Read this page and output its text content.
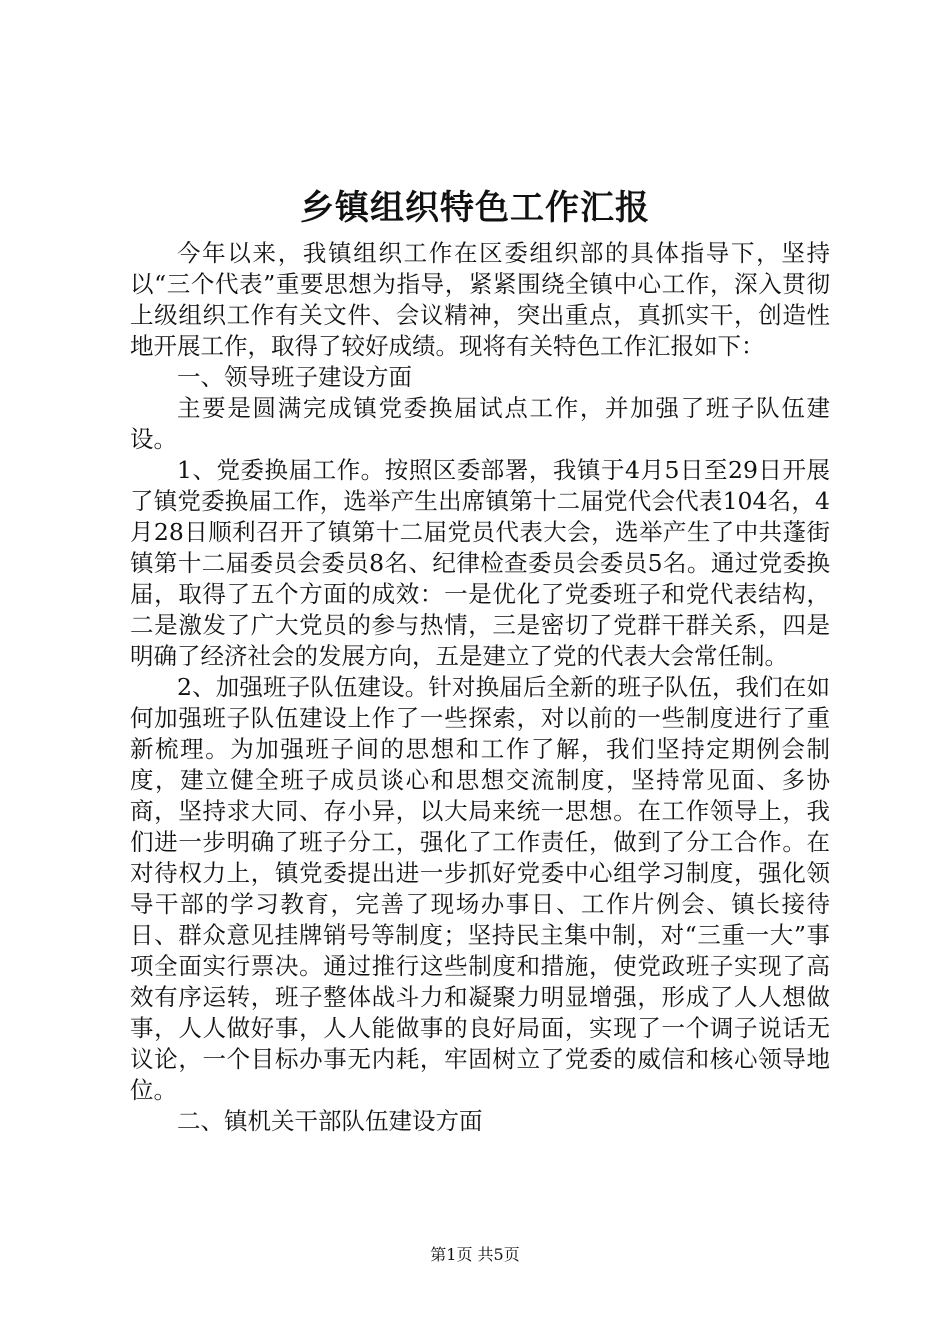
乡镇组织特色工作汇报

今年以来，我镇组织工作在区委组织部的具体指导下，坚持以“三个代表”重要思想为指导，紧紧围绕全镇中心工作，深入贯彻上级组织工作有关文件、会议精神，突出重点，真抓实干，创造性地开展工作，取得了较好成绩。现将有关特色工作汇报如下：

一、领导班子建设方面

主要是圆满完成镇党委换届试点工作，并加强了班子队伍建设。

1、党委换届工作。按照区委部署，我镇于4月5日至29日开展了镇党委换届工作，选举产生出席镇第十二届党代会代表104名，4月28日顺利召开了镇第十二届党员代表大会，选举产生了中共蓬街镇第十二届委员会委员8名、纪律检查委员会委员5名。通过党委换届，取得了五个方面的成效：一是优化了党委班子和党代表结构，二是激发了广大党员的参与热情，三是密切了党群干群关系，四是明确了经济社会的发展方向，五是建立了党的代表大会常任制。

2、加强班子队伍建设。针对换届后全新的班子队伍，我们在如何加强班子队伍建设上作了一些探索，对以前的一些制度进行了重新梳理。为加强班子间的思想和工作了解，我们坚持定期例会制度，建立健全班子成员谈心和思想交流制度，坚持常见面、多协商，坚持求大同、存小异，以大局来统一思想。在工作领导上，我们进一步明确了班子分工，强化了工作责任，做到了分工合作。在对待权力上，镇党委提出进一步抓好党委中心组学习制度，强化领导干部的学习教育，完善了现场办事日、工作片例会、镇长接待日、群众意见挂牌销号等制度；坚持民主集中制，对“三重一大”事项全面实行票决。通过推行这些制度和措施，使党政班子实现了高效有序运转，班子整体战斗力和凝聚力明显增强，形成了人人想做事，人人做好事，人人能做事的良好局面，实现了一个调子说话无议论，一个目标办事无内耗，牢固树立了党委的威信和核心领导地位。

二、镇机关干部队伍建设方面

第1页 共5页
